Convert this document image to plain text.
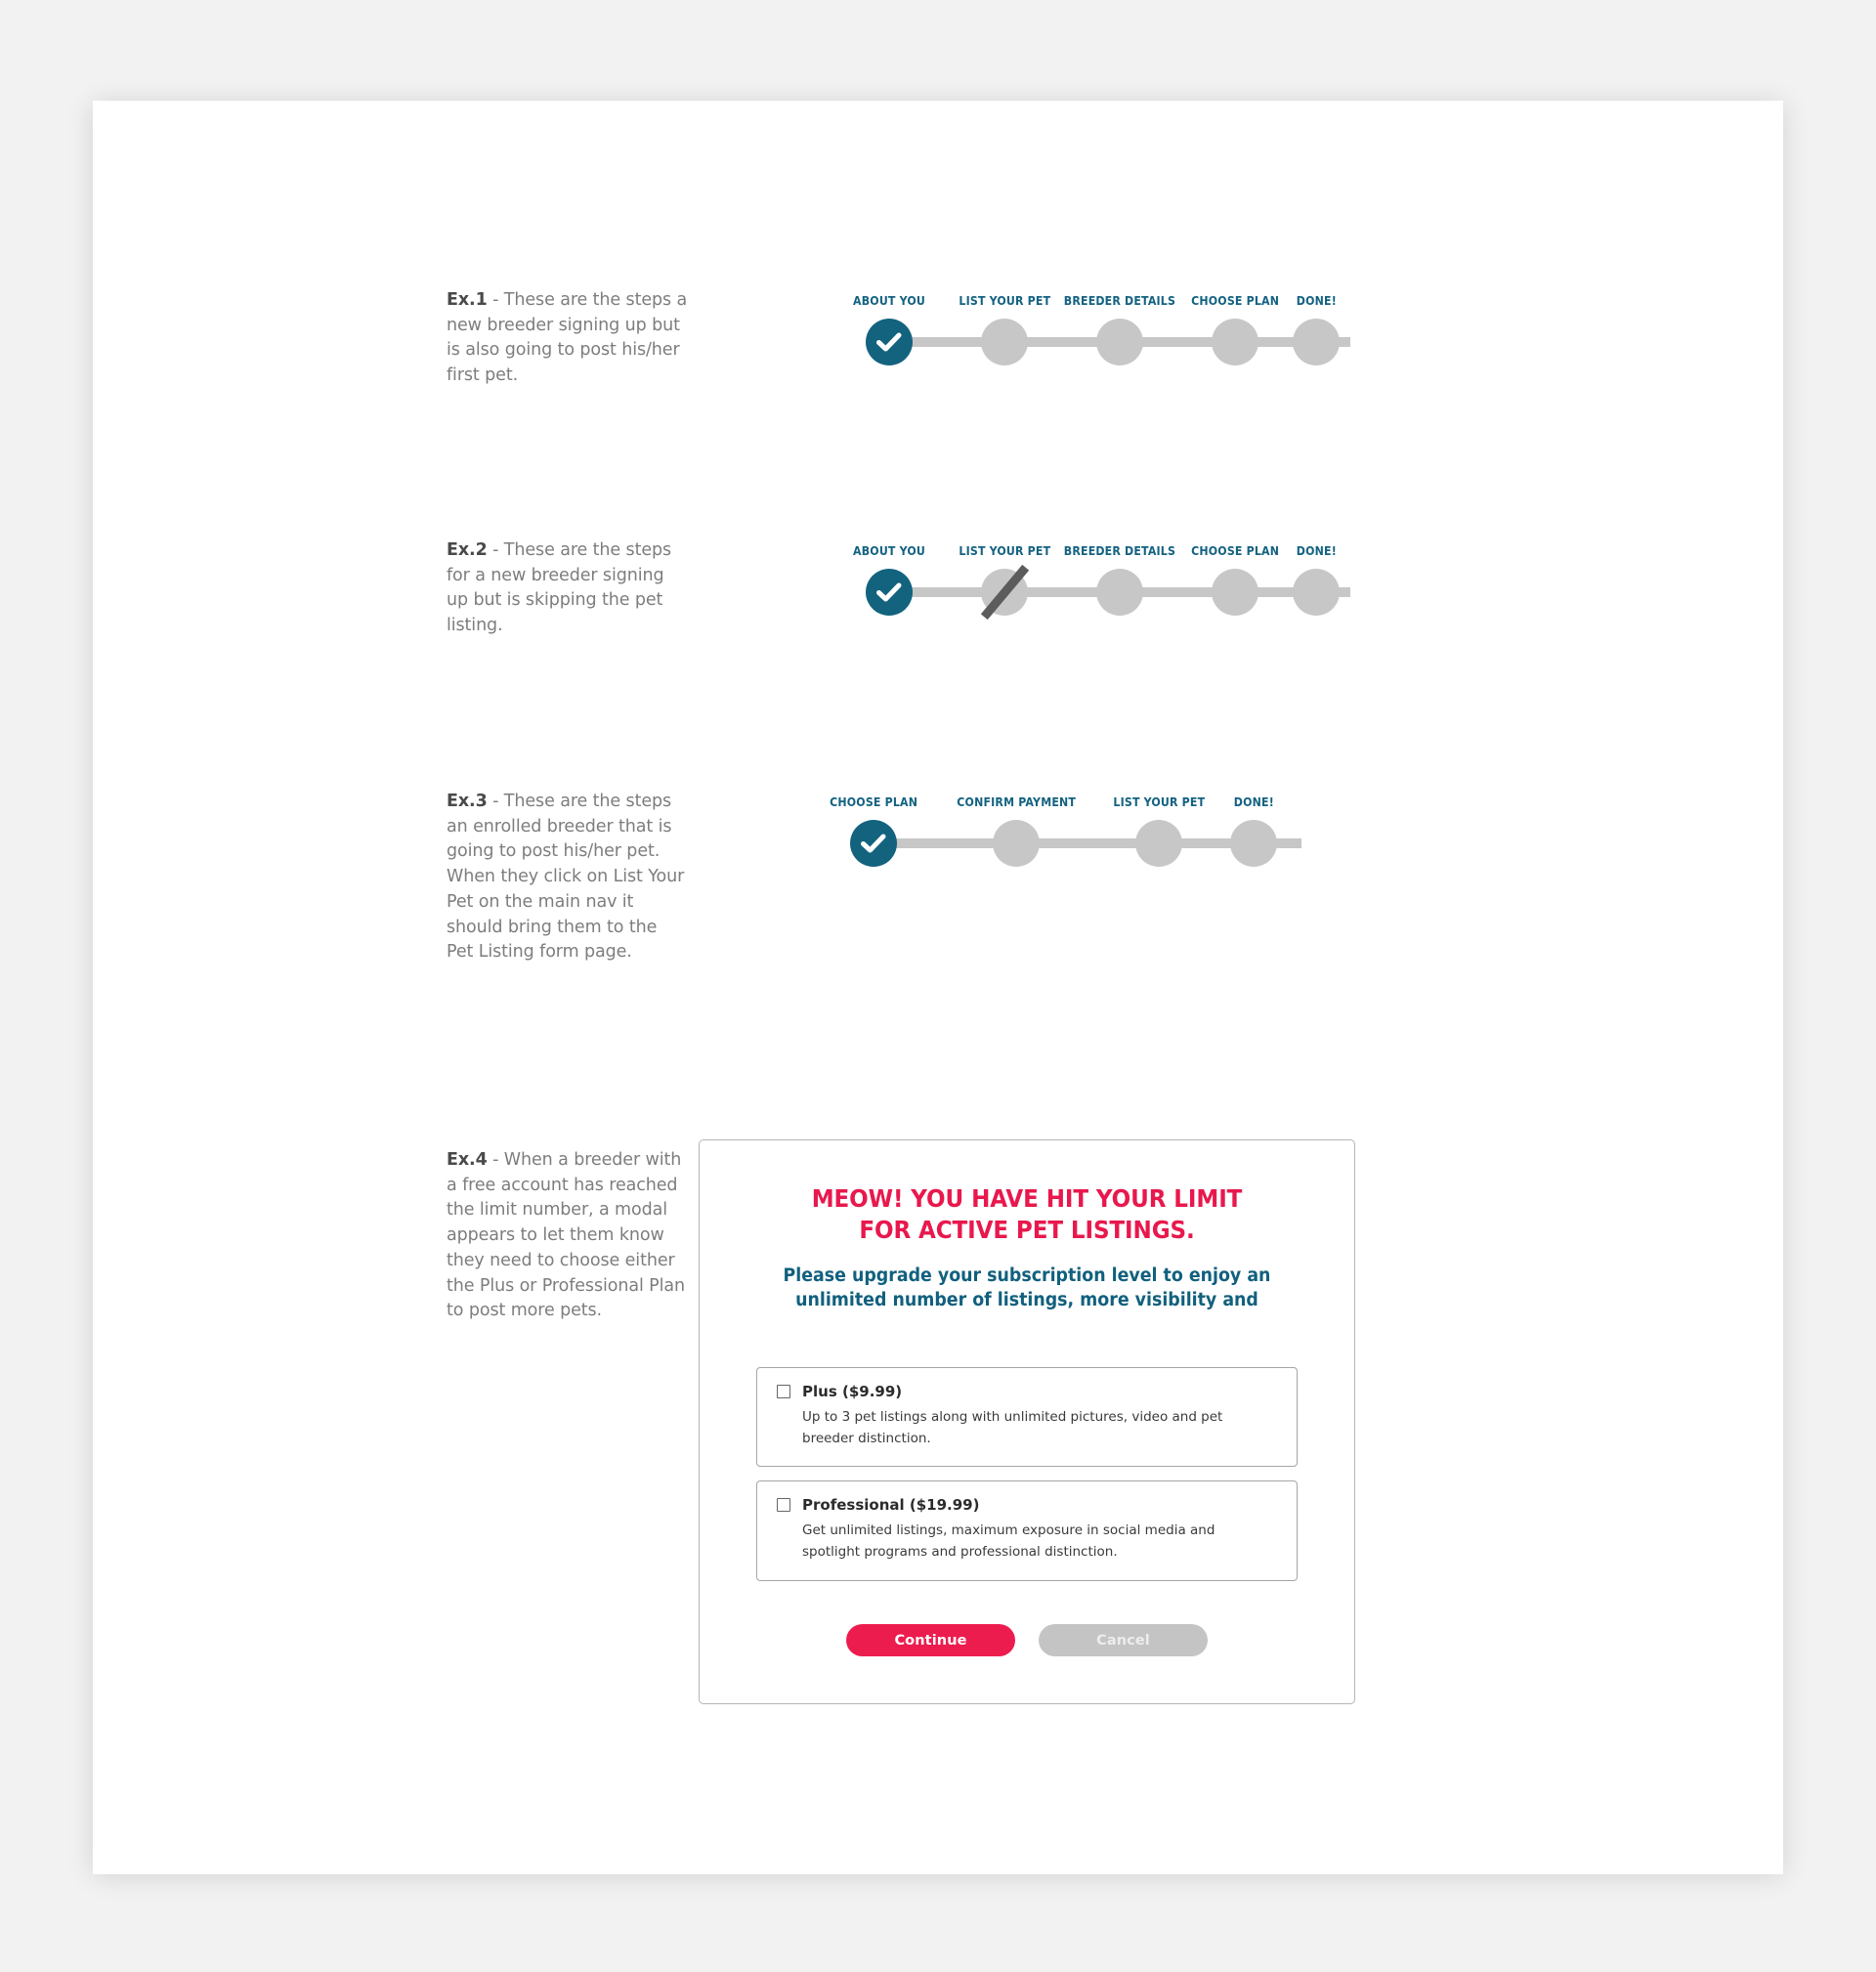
Ex.1 - These are the steps a new breeder signing up but is also going to post his/her first pet.
ABOUT YOU	LIST YOUR PET BREEDER DETAILS CHOOSE PLAN DONE!
Ex.2 - These are the steps for a new breeder signing up but is skipping the pet listing.
ABOUT YOU	LIST YOUR PET BREEDER DETAILS CHOOSE PLAN DONE!
Ex.3 - These are the steps an enrolled breeder that is going to post his/her pet. When they click on List Your Pet on the main nav it should bring them to the Pet Listing form page.
CHOOSE PLAN	CONFIRM PAYMENT	LIST YOUR PET DONE!
Ex.4 - When a breeder with a free account has reached the limit number, a modal appears to let them know they need to choose either the Plus or Professional Plan to post more pets.
MEOW! YOU HAVE HIT YOUR LIMIT
FOR ACTIVE PET LISTINGS.
Please upgrade your subscription level to enjoy an
unlimited number of listings, more visibility and
Plus ($9.99)
Up to 3 pet listings along with unlimited pictures, video and pet breeder distinction.
Professional ($19.99)
Get unlimited listings, maximum exposure in social media and spotlight programs and professional distinction.
Continue	Cancel
